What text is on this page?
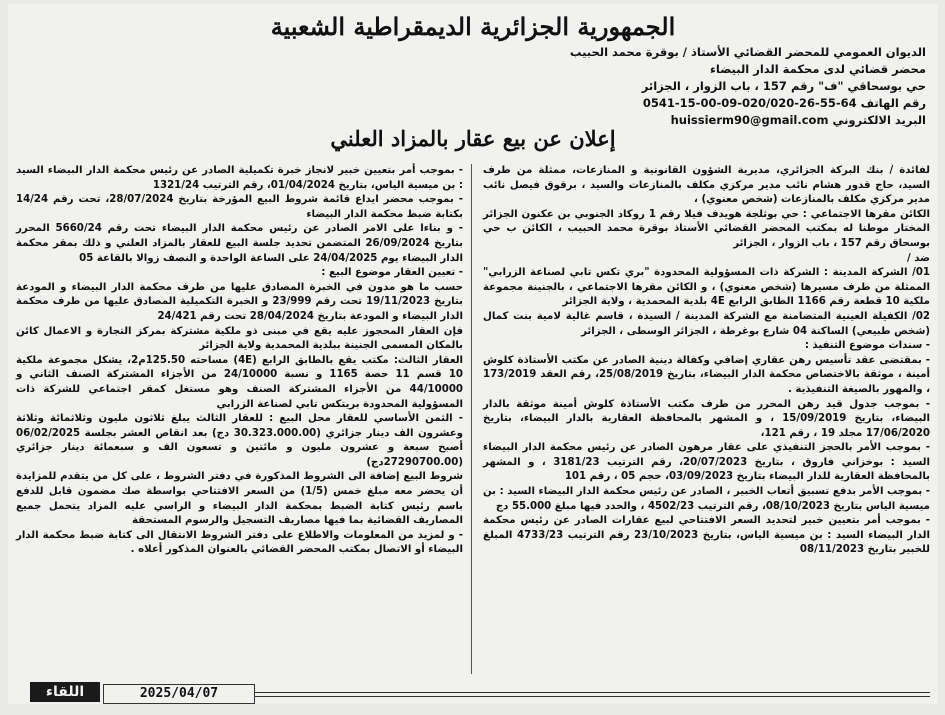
الجمهورية الجزائرية الديمقراطية الشعبية
الديوان العمومي للمحضر القضائي الأستاذ / بوقرة محمد الحبيب
محضر قضائي لدى محكمة الدار البيضاء
حي بوسحاقي "ف" رقم 157 ، باب الزوار ، الجزائر
رقم الهاتف 64-55-26-020/020-09-00-15-0541
البريد الالكتروني huissierm90@gmail.com
إعلان عن بيع عقار بالمزاد العلني

لفائدة / بنك البركة الجزائري، مديرية الشؤون القانونية و المنازعات، ممثلة من طرف السيد، حاج قدور هشام نائب مدير مركزي مكلف بالمنازعات والسيد ، برقوق فيصل نائب مدير مركزي مكلف بالمنازعات (شخص معنوي) ،

الكائن مقرها الاجتماعي : حي بوثلجة هويدف فيلا رقم 1 روكاد الجنوبي بن عكنون الجزائر المختار موطنا له بمكتب المحضر القضائي الأستاذ بوقرة محمد الحبيب ، الكائن ب حي بوسحاق رقم 157 ، باب الزوار ، الجزائر

ضد /

01/ الشركة المدينة : الشركة ذات المسؤولية المحدودة "بري تكس تابي لصناعة الزرابي" الممثلة من طرف مسيرها (شخص معنوي) ، و الكائن مقرها الاجتماعي ، بالجنينة مجموعة ملكية 10 قطعة رقم 1166 الطابق الرابع 4E بلدية المحمدية ، ولاية الجزائر

02/ الكفيلة العينية المتضامنة مع الشركة المدينة / السيدة ، قاسم غالية لامية بنت كمال (شخص طبيعي) الساكنة 04 شارع بوغرطة ، الجزائر الوسطى ، الجزائر

- سندات موضوع التنفيذ :

- بمقتضى عقد تأسيس رهن عقاري إضافي وكفالة دينية الصادر عن مكتب الأستاذة كلوش أمينة ، موثقة بالاختصاص محكمة الدار البيضاء، بتاريخ 25/08/2019، رقم العقد 173/2019 ، والمهور بالصيغة التنفيذية .

- بموجب جدول قيد رهن المحرر من طرف مكتب الأستاذة كلوش أمينة موثقة بالدار البيضاء، بتاريخ 15/09/2019 ، و المشهر بالمحافظة العقارية بالدار البيضاء، بتاريخ 17/06/2020 مجلد 19 ، رقم 121،

- بموجب الأمر بالحجز التنفيذي على عقار مرهون الصادر عن رئيس محكمة الدار البيضاء السيد : بوخزاني فاروق ، بتاريخ 20/07/2023، رقم الترتيب 3181/23 ، و المشهر بالمحافظة العقارية للدار البيضاء بتاريخ 03/09/2023، حجم 05 ، رقم 101

- بموجب الأمر بدفع تسبيق أتعاب الخبير ، الصادر عن رئيس محكمة الدار البيضاء السيد : بن ميسية الياس بتاريخ 08/10/2023، رقم الترتيب 4502/23 ، والحدد فيها مبلغ 55.000 دج

- بموجب أمر بتعيين خبير لتحديد السعر الافتتاحي لبيع عقارات الصادر عن رئيس محكمة الدار البيضاء السيد : بن ميسية الياس، بتاريخ 23/10/2023 رقم الترتيب 4733/23 المبلغ للخبير بتاريخ 08/11/2023

- بموجب أمر بتعيين خبير لانجاز خبرة تكميلية الصادر عن رئيس محكمة الدار البيضاء السيد : بن ميسية الياس، بتاريخ 01/04/2024، رقم الترتيب 1321/24

- بموجب محضر ايداع قائمة شروط البيع المؤرخة بتاريخ 28/07/2024، تحت رقم 14/24 بكتابة ضبط محكمة الدار البيضاء

- و بناءا على الامر الصادر عن رئيس محكمة الدار البيضاء تحت رقم 5660/24 المحرر بتاريخ 26/09/2024 المتضمن تحديد جلسة البيع للعقار بالمزاد العلني و ذلك بمقر محكمة الدار البيضاء يوم 24/04/2025 على الساعة الواحدة و النصف زوالا بالقاعة 05

- تعيين العقار موضوع البيع :

حسب ما هو مدون في الخبرة المصادق عليها من طرف محكمة الدار البيضاء و المودعة بتاريخ 19/11/2023 تحت رقم 23/999 و الخبرة التكميلية المصادق عليها من طرف محكمة الدار البيضاء و المودعة بتاريخ 28/04/2024 تحت رقم 24/421

فإن العقار المحجوز عليه يقع في مبنى ذو ملكية مشتركة بمركز التجارة و الاعمال كائن بالمكان المسمى الجنينة ببلدية المحمدية ولاية الجزائر

العقار الثالث: مكتب يقع بالطابق الرابع (4E) مساحته 125.50م2، يشكل مجموعة ملكية 10 قسم 11 حصة 1165 و نسبة 24/10000 من الأجزاء المشتركة الصنف الثاني و 44/10000 من الأجزاء المشتركة الصنف وهو مستغل كمقر اجتماعي للشركة ذات المسؤولية المحدودة بريتكس تابي لصناعة الزرابي

- الثمن الأساسي للعقار محل البيع : للعقار الثالث يبلغ ثلاثون مليون وثلاثمائة وثلاثة وعشرون الف دينار جزائري (30.323.000.00 دج) بعد انقاص العشر بجلسة 06/02/2025 أصبح سبعة و عشرون مليون و مائتين و تسعون الف و سبعمائة دينار جزائري (27290700.00دج)

شروط البيع إضافة الى الشروط المذكورة في دفتر الشروط ، على كل من يتقدم للمزايدة أن يحضر معه مبلغ خمس (1/5) من السعر الافتتاحي بواسطة صك مضمون قابل للدفع باسم رئيس كتابة الضبط بمحكمة الدار البيضاء و الراسي عليه المزاد يتحمل جميع المصاريف القضائية بما فيها مصاريف التسجيل والرسوم المستحقة

- و لمزيد من المعلومات والاطلاع على دفتر الشروط الانتقال الى كتابة ضبط محكمة الدار البيضاء أو الاتصال بمكتب المحضر القضائي بالعنوان المذكور أعلاه .

2025/04/07
اللقاء
